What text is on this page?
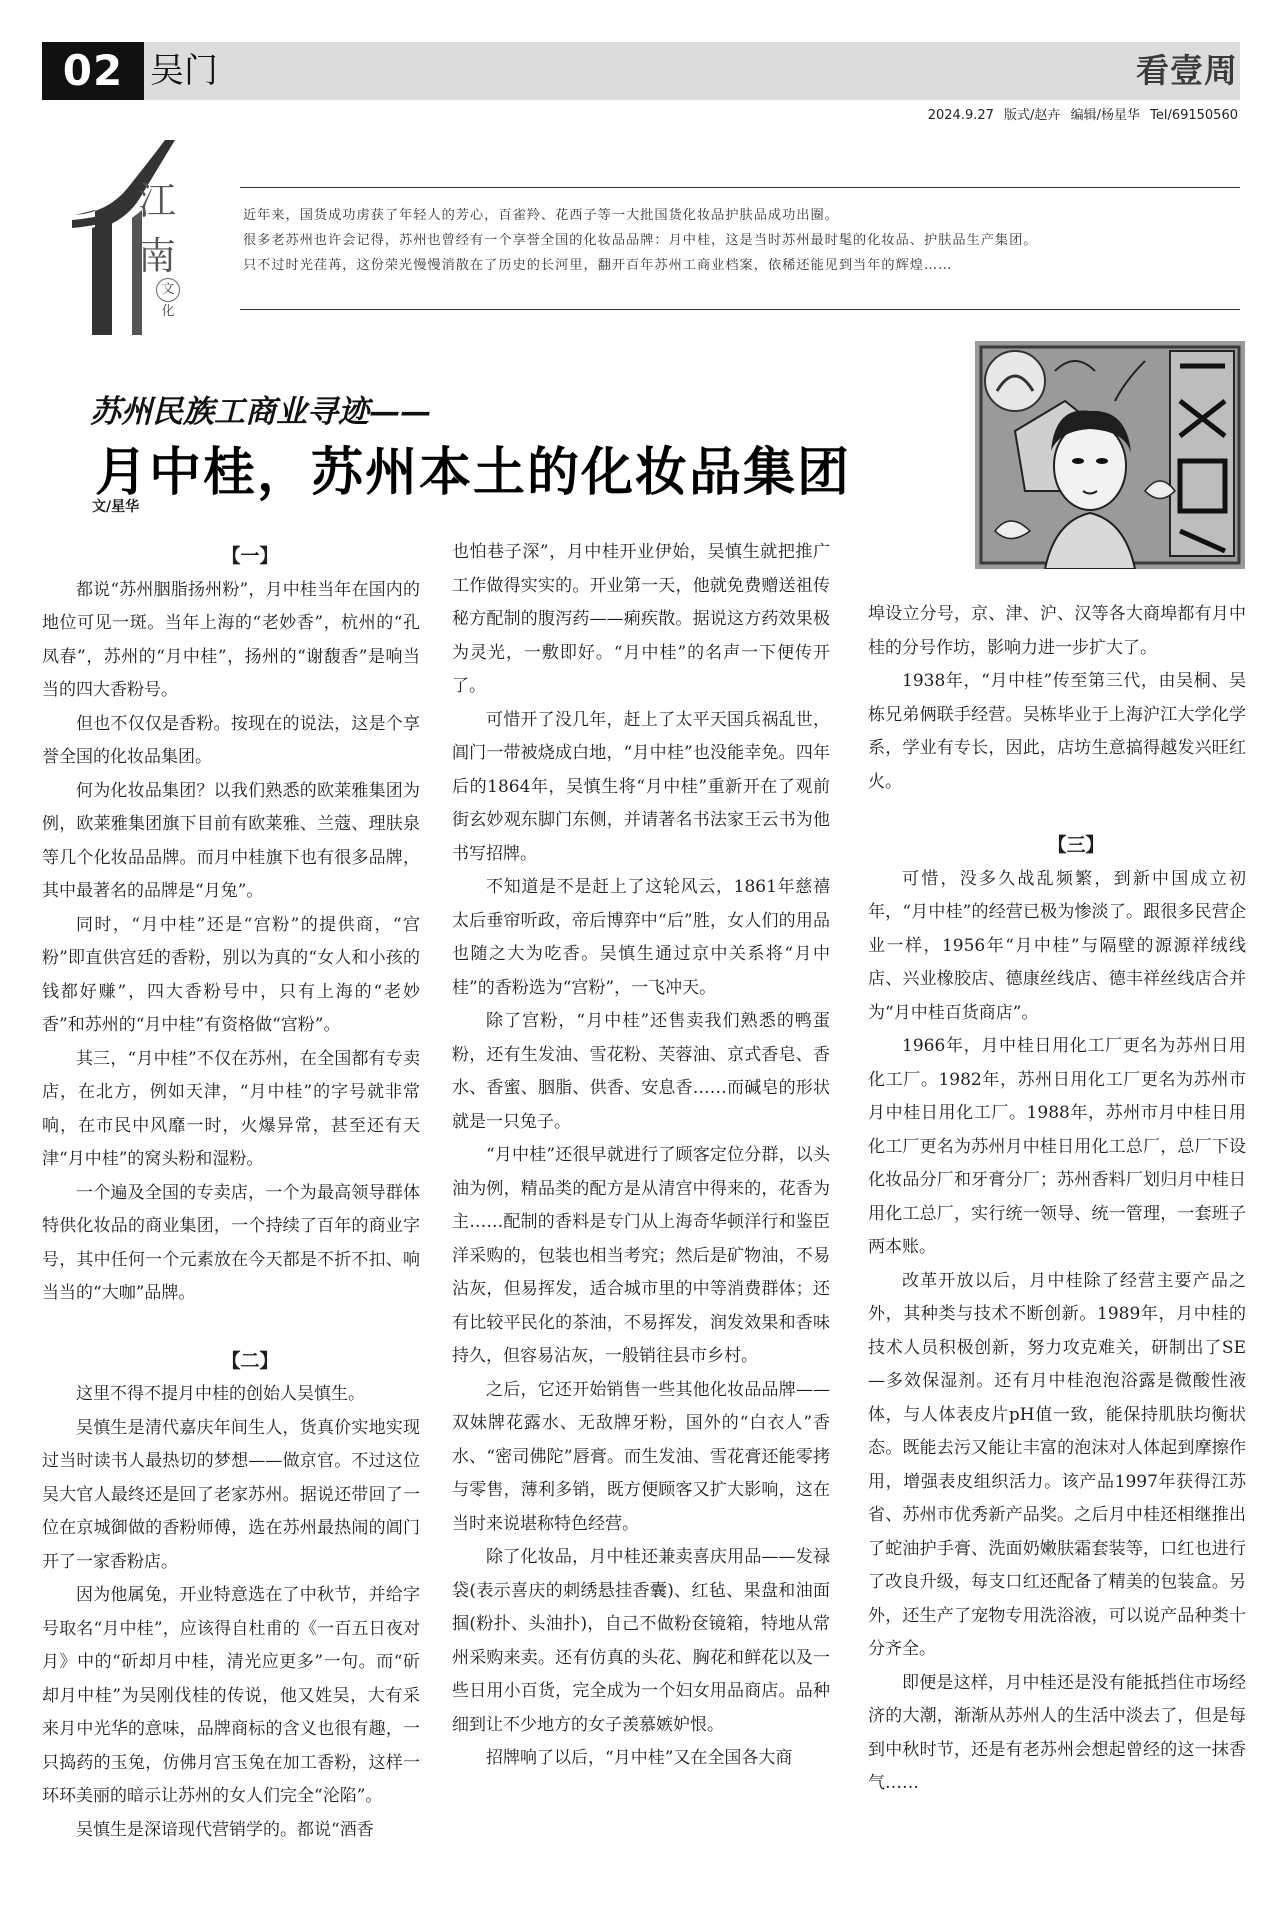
02 吴门	看壹周
2024.9.27 版式/赵卉 编辑/杨星华 Tel/69150560
江
南
文化
近年来，国货成功虏获了年轻人的芳心，百雀羚、花西子等一大批国货化妆品护肤品成功出圈。
很多老苏州也许会记得，苏州也曾经有一个享誉全国的化妆品品牌：月中桂，这是当时苏州最时髦的化妆品、护肤品生产集团。
只不过时光荏苒，这份荣光慢慢消散在了历史的长河里，翻开百年苏州工商业档案，依稀还能见到当年的辉煌……
苏州民族工商业寻迹——
月中桂，苏州本土的化妆品集团
文/星华

【一】

都说“苏州胭脂扬州粉”，月中桂当年在国内的地位可见一斑。当年上海的“老妙香”，杭州的“孔凤春”，苏州的“月中桂”，扬州的“谢馥香”是响当当的四大香粉号。

但也不仅仅是香粉。按现在的说法，这是个享誉全国的化妆品集团。

何为化妆品集团？以我们熟悉的欧莱雅集团为例，欧莱雅集团旗下目前有欧莱雅、兰蔻、理肤泉等几个化妆品品牌。而月中桂旗下也有很多品牌，其中最著名的品牌是“月兔”。

同时，“月中桂”还是“宫粉”的提供商，“宫粉”即直供宫廷的香粉，别以为真的“女人和小孩的钱都好赚”，四大香粉号中，只有上海的“老妙香”和苏州的“月中桂”有资格做“宫粉”。

其三，“月中桂”不仅在苏州，在全国都有专卖店，在北方，例如天津，“月中桂”的字号就非常响，在市民中风靡一时，火爆异常，甚至还有天津“月中桂”的窝头粉和湿粉。

一个遍及全国的专卖店，一个为最高领导群体特供化妆品的商业集团，一个持续了百年的商业字号，其中任何一个元素放在今天都是不折不扣、响当当的“大咖”品牌。

【二】

这里不得不提月中桂的创始人吴慎生。

吴慎生是清代嘉庆年间生人，货真价实地实现过当时读书人最热切的梦想——做京官。不过这位吴大官人最终还是回了老家苏州。据说还带回了一位在京城御做的香粉师傅，选在苏州最热闹的阊门开了一家香粉店。

因为他属兔，开业特意选在了中秋节，并给字号取名“月中桂”，应该得自杜甫的《一百五日夜对月》中的“斫却月中桂，清光应更多”一句。而“斫却月中桂”为吴刚伐桂的传说，他又姓吴，大有采来月中光华的意味，品牌商标的含义也很有趣，一只捣药的玉兔，仿佛月宫玉兔在加工香粉，这样一环环美丽的暗示让苏州的女人们完全“沦陷”。

吴慎生是深谙现代营销学的。都说“酒香

也怕巷子深”，月中桂开业伊始，吴慎生就把推广工作做得实实的。开业第一天，他就免费赠送祖传秘方配制的腹泻药——痢疾散。据说这方药效果极为灵光，一敷即好。“月中桂”的名声一下便传开了。

可惜开了没几年，赶上了太平天国兵祸乱世，阊门一带被烧成白地，“月中桂”也没能幸免。四年后的1864年，吴慎生将“月中桂”重新开在了观前街玄妙观东脚门东侧，并请著名书法家王云书为他书写招牌。

不知道是不是赶上了这轮风云，1861年慈禧太后垂帘听政，帝后博弈中“后”胜，女人们的用品也随之大为吃香。吴慎生通过京中关系将“月中桂”的香粉选为“宫粉”，一飞冲天。

除了宫粉，“月中桂”还售卖我们熟悉的鸭蛋粉，还有生发油、雪花粉、芙蓉油、京式香皂、香水、香蜜、胭脂、供香、安息香……而碱皂的形状就是一只兔子。

“月中桂”还很早就进行了顾客定位分群，以头油为例，精品类的配方是从清宫中得来的，花香为主……配制的香料是专门从上海奇华顿洋行和鉴臣洋采购的，包装也相当考究；然后是矿物油，不易沾灰，但易挥发，适合城市里的中等消费群体；还有比较平民化的茶油，不易挥发，润发效果和香味持久，但容易沾灰，一般销往县市乡村。

之后，它还开始销售一些其他化妆品品牌——双妹牌花露水、无敌牌牙粉，国外的“白衣人”香水、“密司佛陀”唇膏。而生发油、雪花膏还能零拷与零售，薄利多销，既方便顾客又扩大影响，这在当时来说堪称特色经营。

除了化妆品，月中桂还兼卖喜庆用品——发禄袋(表示喜庆的刺绣悬挂香囊)、红毡、果盘和油面掴(粉扑、头油扑)，自己不做粉奁镜箱，特地从常州采购来卖。还有仿真的头花、胸花和鲜花以及一些日用小百货，完全成为一个妇女用品商店。品种细到让不少地方的女子羡慕嫉妒恨。

招牌响了以后，“月中桂”又在全国各大商

埠设立分号，京、津、沪、汉等各大商埠都有月中桂的分号作坊，影响力进一步扩大了。

1938年，“月中桂”传至第三代，由吴桐、吴栋兄弟俩联手经营。吴栋毕业于上海沪江大学化学系，学业有专长，因此，店坊生意搞得越发兴旺红火。

【三】

可惜，没多久战乱频繁，到新中国成立初年，“月中桂”的经营已极为惨淡了。跟很多民营企业一样，1956年“月中桂”与隔壁的源源祥绒线店、兴业橡胶店、德康丝线店、德丰祥丝线店合并为“月中桂百货商店”。

1966年，月中桂日用化工厂更名为苏州日用化工厂。1982年，苏州日用化工厂更名为苏州市月中桂日用化工厂。1988年，苏州市月中桂日用化工厂更名为苏州月中桂日用化工总厂，总厂下设化妆品分厂和牙膏分厂；苏州香料厂划归月中桂日用化工总厂，实行统一领导、统一管理，一套班子两本账。

改革开放以后，月中桂除了经营主要产品之外，其种类与技术不断创新。1989年，月中桂的技术人员积极创新，努力攻克难关，研制出了SE—多效保湿剂。还有月中桂泡泡浴露是微酸性液体，与人体表皮片pH值一致，能保持肌肤均衡状态。既能去污又能让丰富的泡沫对人体起到摩擦作用，增强表皮组织活力。该产品1997年获得江苏省、苏州市优秀新产品奖。之后月中桂还相继推出了蛇油护手膏、洗面奶嫩肤霜套装等，口红也进行了改良升级，每支口红还配备了精美的包装盒。另外，还生产了宠物专用洗浴液，可以说产品种类十分齐全。

即便是这样，月中桂还是没有能抵挡住市场经济的大潮，渐渐从苏州人的生活中淡去了，但是每到中秋时节，还是有老苏州会想起曾经的这一抹香气……
